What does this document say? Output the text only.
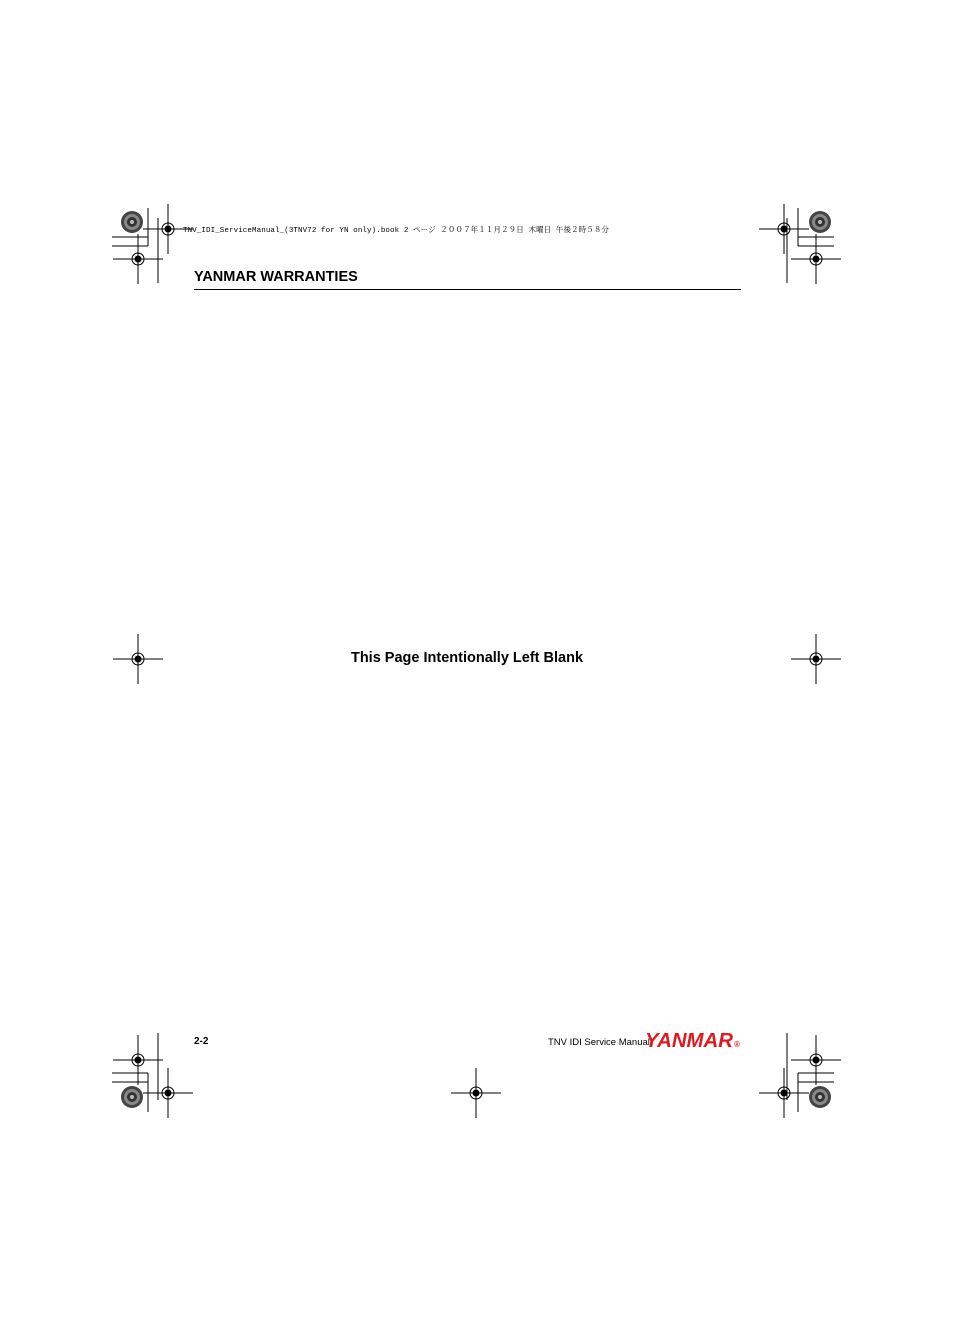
TNV_IDI_ServiceManual_(3TNV72 for YN only).book 2 ページ ２００７年１１月２９日 木曜日 午後２時５８分
YANMAR WARRANTIES
This Page Intentionally Left Blank
2-2	TNV IDI Service Manual
YANMAR ®
